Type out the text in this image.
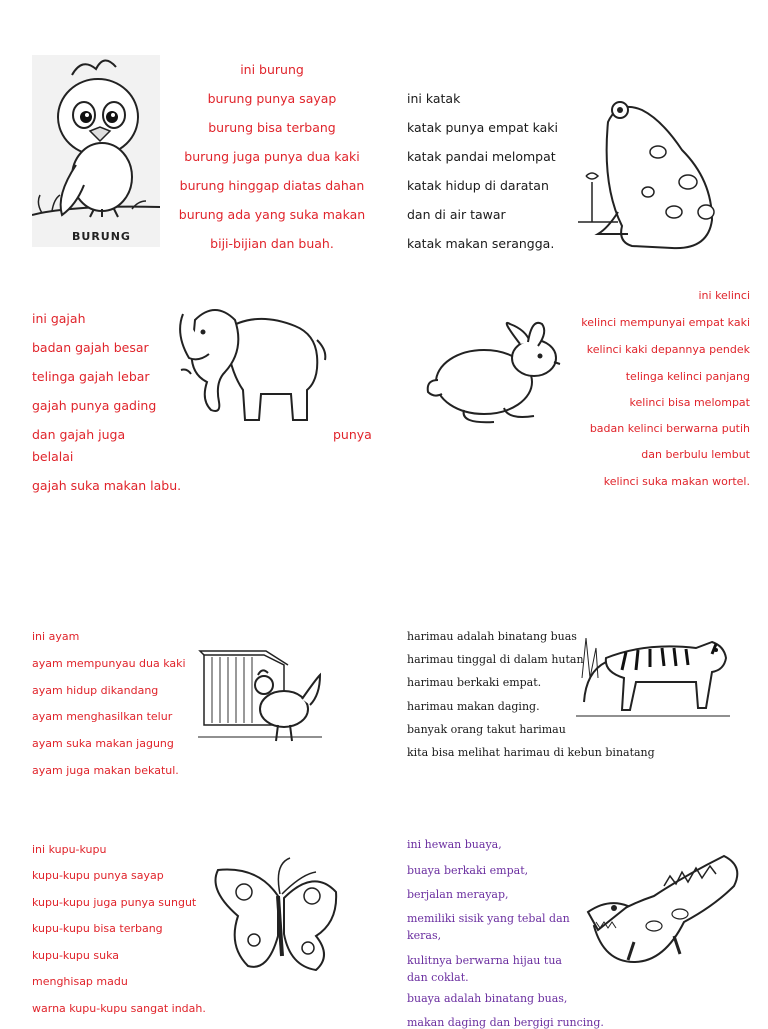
BURUNG
ini burung
burung punya sayap
burung bisa terbang
burung juga punya dua kaki
burung hinggap diatas dahan
burung ada yang suka makan
biji-bijian dan buah.
ini katak
katak punya empat kaki
katak pandai melompat
katak hidup di daratan
dan di air tawar
katak makan serangga.
ini gajah
badan gajah besar
telinga gajah lebar
gajah punya gading
dan gajah juga	punya
belalai
gajah suka makan labu.
ini kelinci
kelinci mempunyai empat kaki
kelinci kaki depannya pendek
telinga kelinci panjang
kelinci bisa melompat
badan kelinci berwarna putih
dan berbulu lembut
kelinci suka makan wortel.
ini ayam
ayam mempunyau dua kaki
ayam hidup dikandang
ayam menghasilkan telur
ayam suka makan jagung
ayam juga makan bekatul.
harimau adalah binatang buas
harimau tinggal di dalam hutan
harimau berkaki empat.
harimau makan daging.
banyak orang takut harimau
kita bisa melihat harimau di kebun binatang
ini kupu-kupu
kupu-kupu punya sayap
kupu-kupu juga punya sungut
kupu-kupu bisa terbang
kupu-kupu suka
menghisap madu
warna kupu-kupu sangat indah.
ini hewan buaya,
buaya berkaki empat,
berjalan merayap,
memiliki sisik yang tebal dan keras,
kulitnya berwarna hijau tua dan coklat.
buaya adalah binatang buas,
makan daging dan bergigi runcing.
